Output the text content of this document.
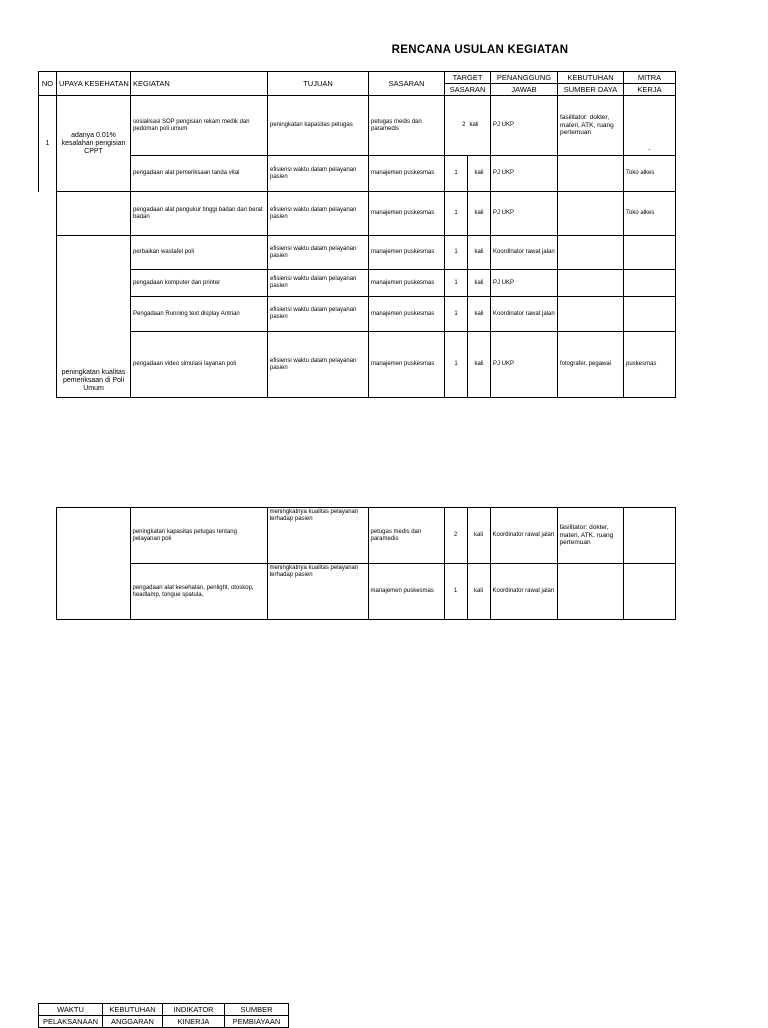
RENCANA USULAN KEGIATAN
NO	UPAYA KESEHATAN	KEGIATAN	TUJUAN	SASARAN	TARGET		PENANGGUNG	KEBUTUHAN	MITRA
					SASARAN		JAWAB	SUMBER DAYA	KERJA
1	adanya 0.01% kesalahan pengisian CPPT	sosialisasi SOP pengisian rekam medik dan pedoman poli umum	peningkatan kapasitas petugas	petugas medis dan paramedis	2	kali	PJ UKP	fasilitator: dokter, materi, ATK, ruang pertemuan	-
		pengadaan alat pemeriksaan tanda vital	efisiensi waktu dalam pelayanan pasien	manajemen puskesmas	1	kali	PJ UKP		Toko alkes
		pengadaan alat pengukur tinggi badan dan berat badan	efisiensi waktu dalam pelayanan pasien	manajemen puskesmas	1	kali	PJ UKP		Toko alkes
	peningkatan kualitas pemeriksaan di Poli Umum	perbaikan wastafel poli	efisiensi waktu dalam pelayanan pasien	manajemen puskesmas	1	kali	Koordinator rawat jalan		
		pengadaan komputer dan printer	efisiensi waktu dalam pelayanan pasien	manajemen puskesmas	1	kali	PJ UKP		
		Pengadaan Running text display Antrian	efisiensi waktu dalam pelayanan pasien	manajemen puskesmas	1	kali	Koordinator rawat jalan		
		pengadaan video simulasi layanan poli	efisiensi waktu dalam pelayanan pasien	manajemen puskesmas	1	kali	PJ UKP	fotografer, pegawai	puskesmas
		peningkatan kapasitas petugas tentang pelayanan poli	meningkatnya kualitas pelayanan terhadap pasien	petugas medis dan paramedis	2	kali	Koordinator rawat jalan	fasilitator: dokter, materi, ATK, ruang pertemuan	
		pengadaan alat kesehatan, penlight, otoskop, headlamp, tongue spatula,	meningkatnya kualitas pelayanan terhadap pasien	manajemen puskesmas	1	kali	Koordinator rawat jalan		
WAKTU	KEBUTUHAN	INDIKATOR	SUMBER
PELAKSANAAN	ANGGARAN	KINERJA	PEMBIAYAAN
